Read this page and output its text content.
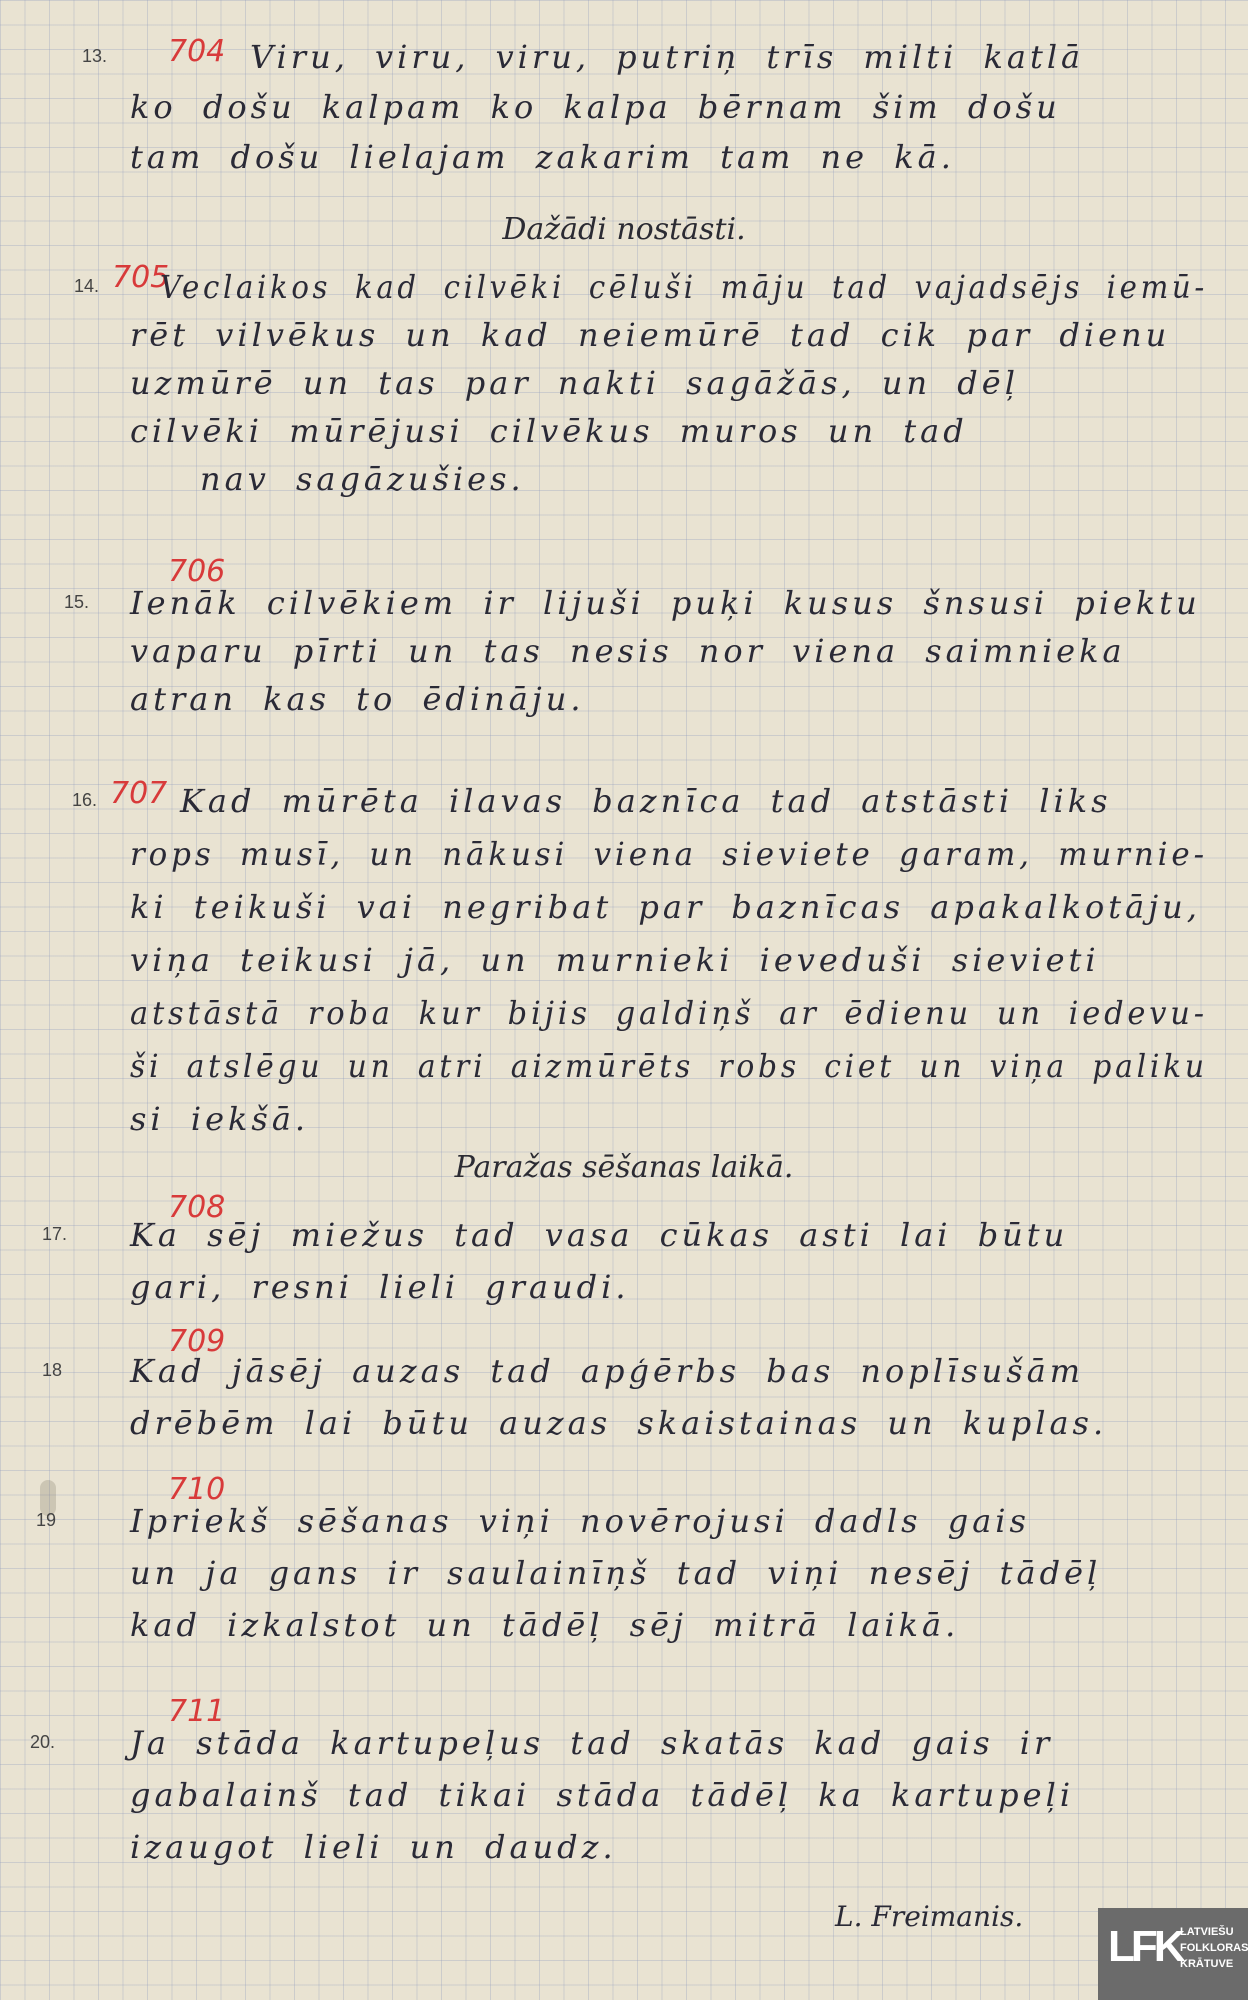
Dažādi nostāsti.
Paražas sēšanas laikā.
L. Freimanis.
LFK
LATVIEŠU
FOLKLORAS
KRĀTUVE
13. 704 Viru, viru, viru, putriņ trīs milti katlā
ko došu kalpam ko kalpa bērnam šim došu
tam došu lielajam zakarim tam ne kā.
14. 705
Veclaikos kad cilvēki cēluši māju tad vajadsējs iemū-
rēt vilvēkus un kad neiemūrē tad cik par dienu
uzmūrē un tas par nakti sagāžās, un dēļ
cilvēki mūrējusi cilvēkus muros un tad
nav sagāzušies.
15.
706
Ienāk cilvēkiem ir lijuši puķi kusus šnsusi piektu
vaparu pīrti un tas nesis nor viena saimnieka
atran kas to ēdināju.
16. 707 Kad mūrēta ilavas baznīca tad atstāsti liks
rops musī, un nākusi viena sieviete garam, murnie-
ki teikuši vai negribat par baznīcas apakalkotāju,
viņa teikusi jā, un murnieki ieveduši sievieti
atstāstā roba kur bijis galdiņš ar ēdienu un iedevu-
ši atslēgu un atri aizmūrēts robs ciet un viņa paliku
si iekšā.
17.
708
Ka sēj miežus tad vasa cūkas asti lai būtu
gari, resni lieli graudi.
18
709
Kad jāsēj auzas tad apģērbs bas noplīsušām
drēbēm lai būtu auzas skaistainas un kuplas.
19
710
Ipriekš sēšanas viņi novērojusi dadls gais
un ja gans ir saulainīņš tad viņi nesēj tādēļ
kad izkalstot un tādēļ sēj mitrā laikā.
20.
711
Ja stāda kartupeļus tad skatās kad gais ir
gabalainš tad tikai stāda tādēļ ka kartupeļi
izaugot lieli un daudz.
